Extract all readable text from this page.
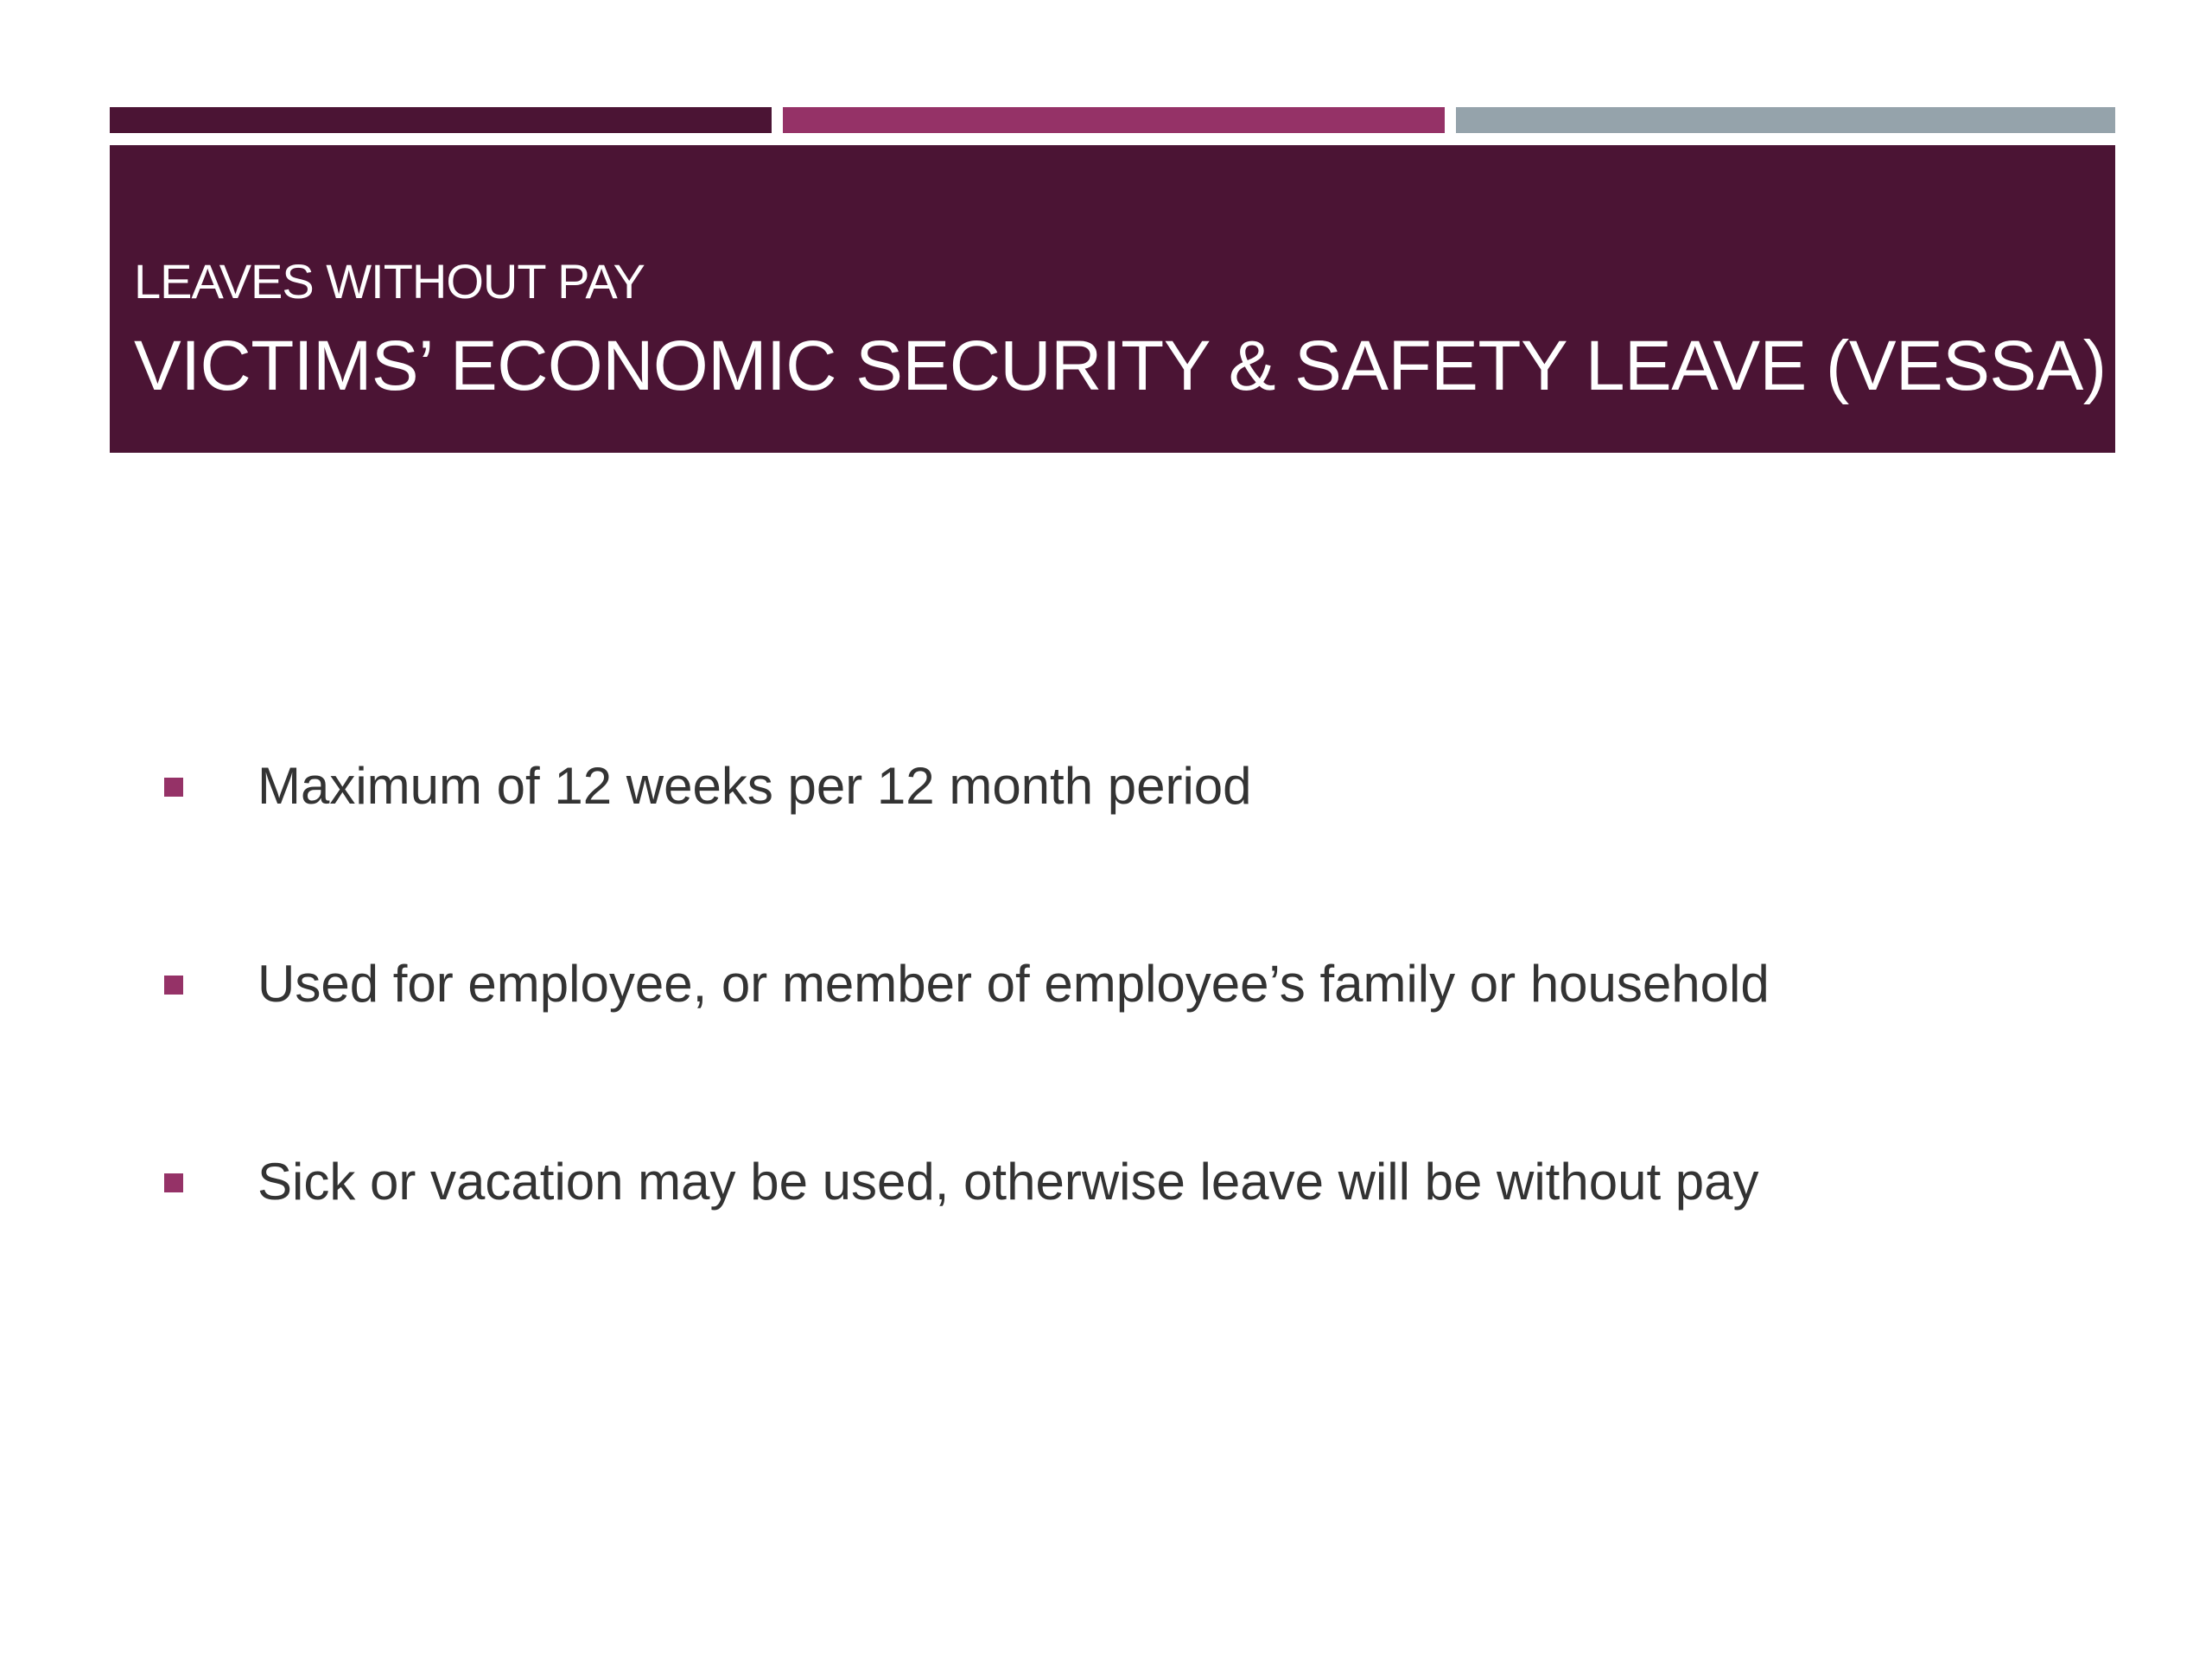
LEAVES WITHOUT PAY
VICTIMS’ ECONOMIC SECURITY & SAFETY LEAVE (VESSA)
Maximum of 12 weeks per 12 month period
Used for employee, or member of employee’s family or household
Sick or vacation may be used, otherwise leave will be without pay
